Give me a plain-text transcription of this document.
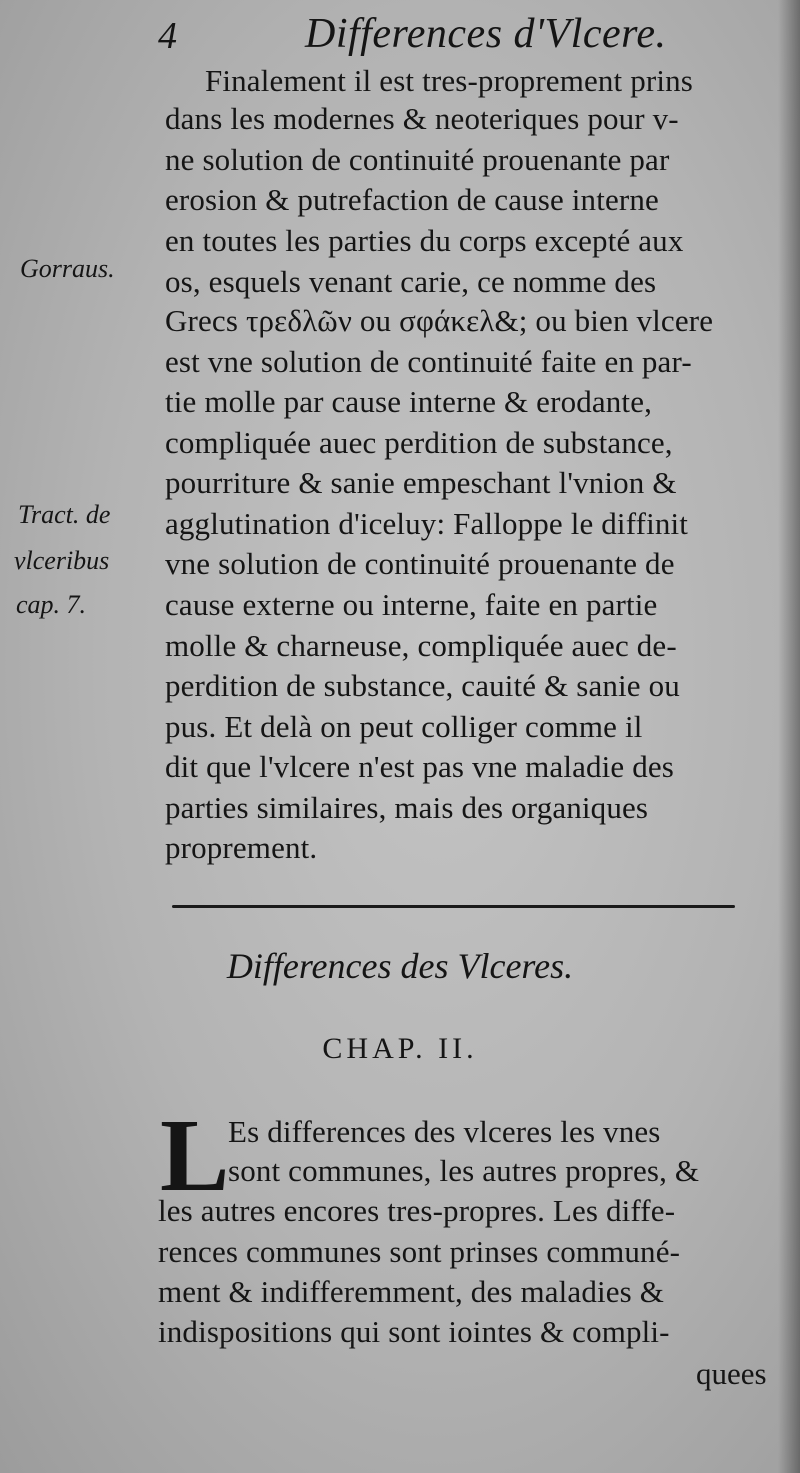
4	Differences d'Vlcere.
Finalement il est tres-proprement prins
dans les modernes & neoteriques pour v-
ne solution de continuité prouenante par
erosion & putrefaction de cause interne
en toutes les parties du corps excepté aux
os, esquels venant carie, ce nomme des
Grecs τρεδλῶν ou σφάκελ&; ou bien vlcere
est vne solution de continuité faite en par-
tie molle par cause interne & erodante,
compliquée auec perdition de substance,
pourriture & sanie empeschant l'vnion &
agglutination d'iceluy: Falloppe le diffinit
vne solution de continuité prouenante de
cause externe ou interne, faite en partie
molle & charneuse, compliquée auec de-
perdition de substance, cauité & sanie ou
pus. Et delà on peut colliger comme il
dit que l'vlcere n'est pas vne maladie des
parties similaires, mais des organiques
proprement.
Gorraus.
Tract. de
vlceribus
cap. 7.
Differences des Vlceres.
CHAP. II.
L
Es differences des vlceres les vnes
sont communes, les autres propres, &
les autres encores tres-propres. Les diffe-
rences communes sont prinses communé-
ment & indifferemment, des maladies &
indispositions qui sont iointes & compli-
quees
